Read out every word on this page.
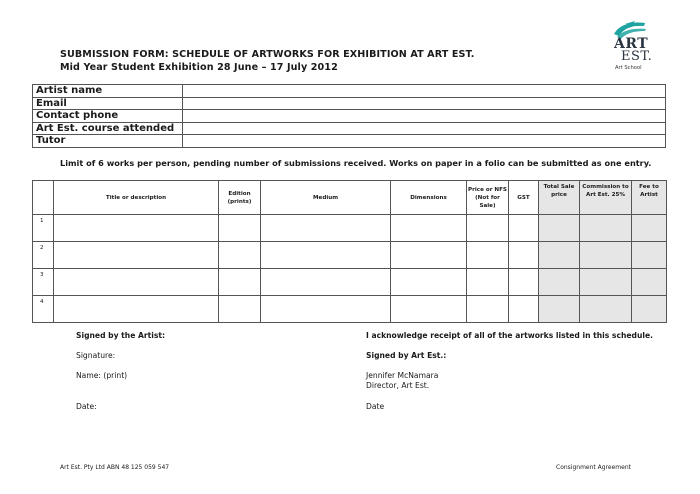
SUBMISSION FORM: SCHEDULE OF ARTWORKS FOR EXHIBITION AT ART EST.
Mid Year Student Exhibition 28 June – 17 July 2012
ART
EST.
Art School
Artist name	
Email	
Contact phone	
Art Est. course attended	
Tutor	
Limit of 6 works per person, pending number of submissions received. Works on paper in a folio can be submitted as one entry.
	Title or description	Edition (prints)	Medium	Dimensions	Price or NFS (Not for Sale)	GST	Total Sale price	Commission to Art Est. 25%	Fee to Artist
1									
2									
3									
4									
Signed by the Artist:
Signature:
Name: (print)
Date:
I acknowledge receipt of all of the artworks listed in this schedule.
Signed by Art Est.:
Jennifer McNamara
Director, Art Est.
Date
Art Est. Pty Ltd ABN 48 125 059 547	Consignment Agreement
